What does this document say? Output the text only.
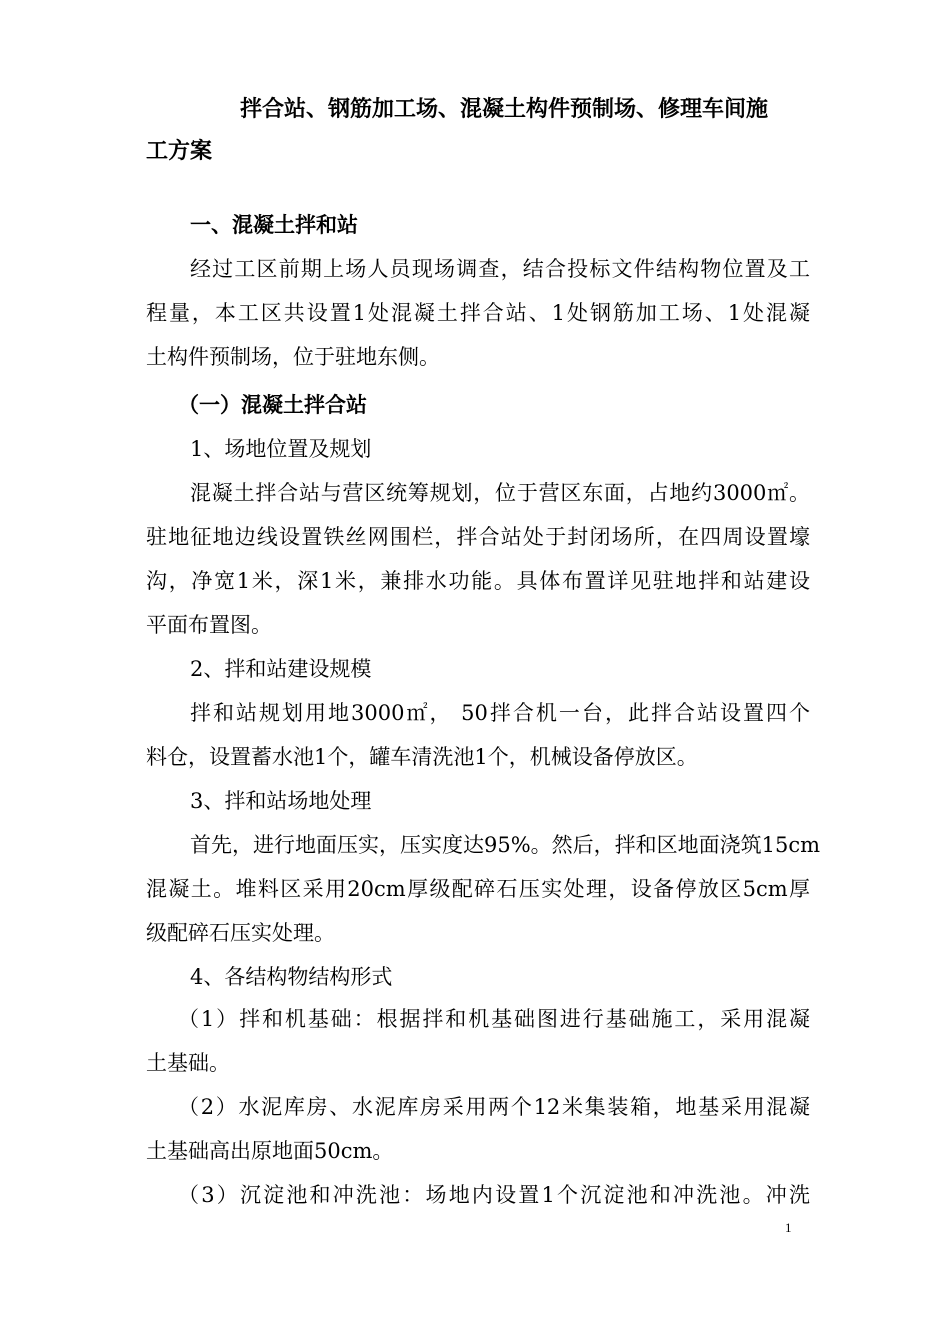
拌合站、钢筋加工场、混凝土构件预制场、修理车间施
工方案
一、混凝土拌和站
经过工区前期上场人员现场调查，结合投标文件结构物位置及工
程量，本工区共设置1处混凝土拌合站、1处钢筋加工场、1处混凝
土构件预制场，位于驻地东侧。
（一）混凝土拌合站
1、场地位置及规划
混凝土拌合站与营区统筹规划，位于营区东面，占地约3000㎡。
驻地征地边线设置铁丝网围栏，拌合站处于封闭场所，在四周设置壕
沟，净宽1米，深1米，兼排水功能。具体布置详见驻地拌和站建设
平面布置图。
2、拌和站建设规模
拌和站规划用地3000㎡， 50拌合机一台，此拌合站设置四个
料仓，设置蓄水池1个，罐车清洗池1个，机械设备停放区。
3、拌和站场地处理
首先，进行地面压实，压实度达95%。然后，拌和区地面浇筑15cm
混凝土。堆料区采用20cm厚级配碎石压实处理，设备停放区5cm厚
级配碎石压实处理。
4、各结构物结构形式
（1）拌和机基础：根据拌和机基础图进行基础施工，采用混凝
土基础。
（2）水泥库房、水泥库房采用两个12米集装箱，地基采用混凝
土基础高出原地面50cm。
（3）沉淀池和冲洗池：场地内设置1个沉淀池和冲洗池。冲洗
1
